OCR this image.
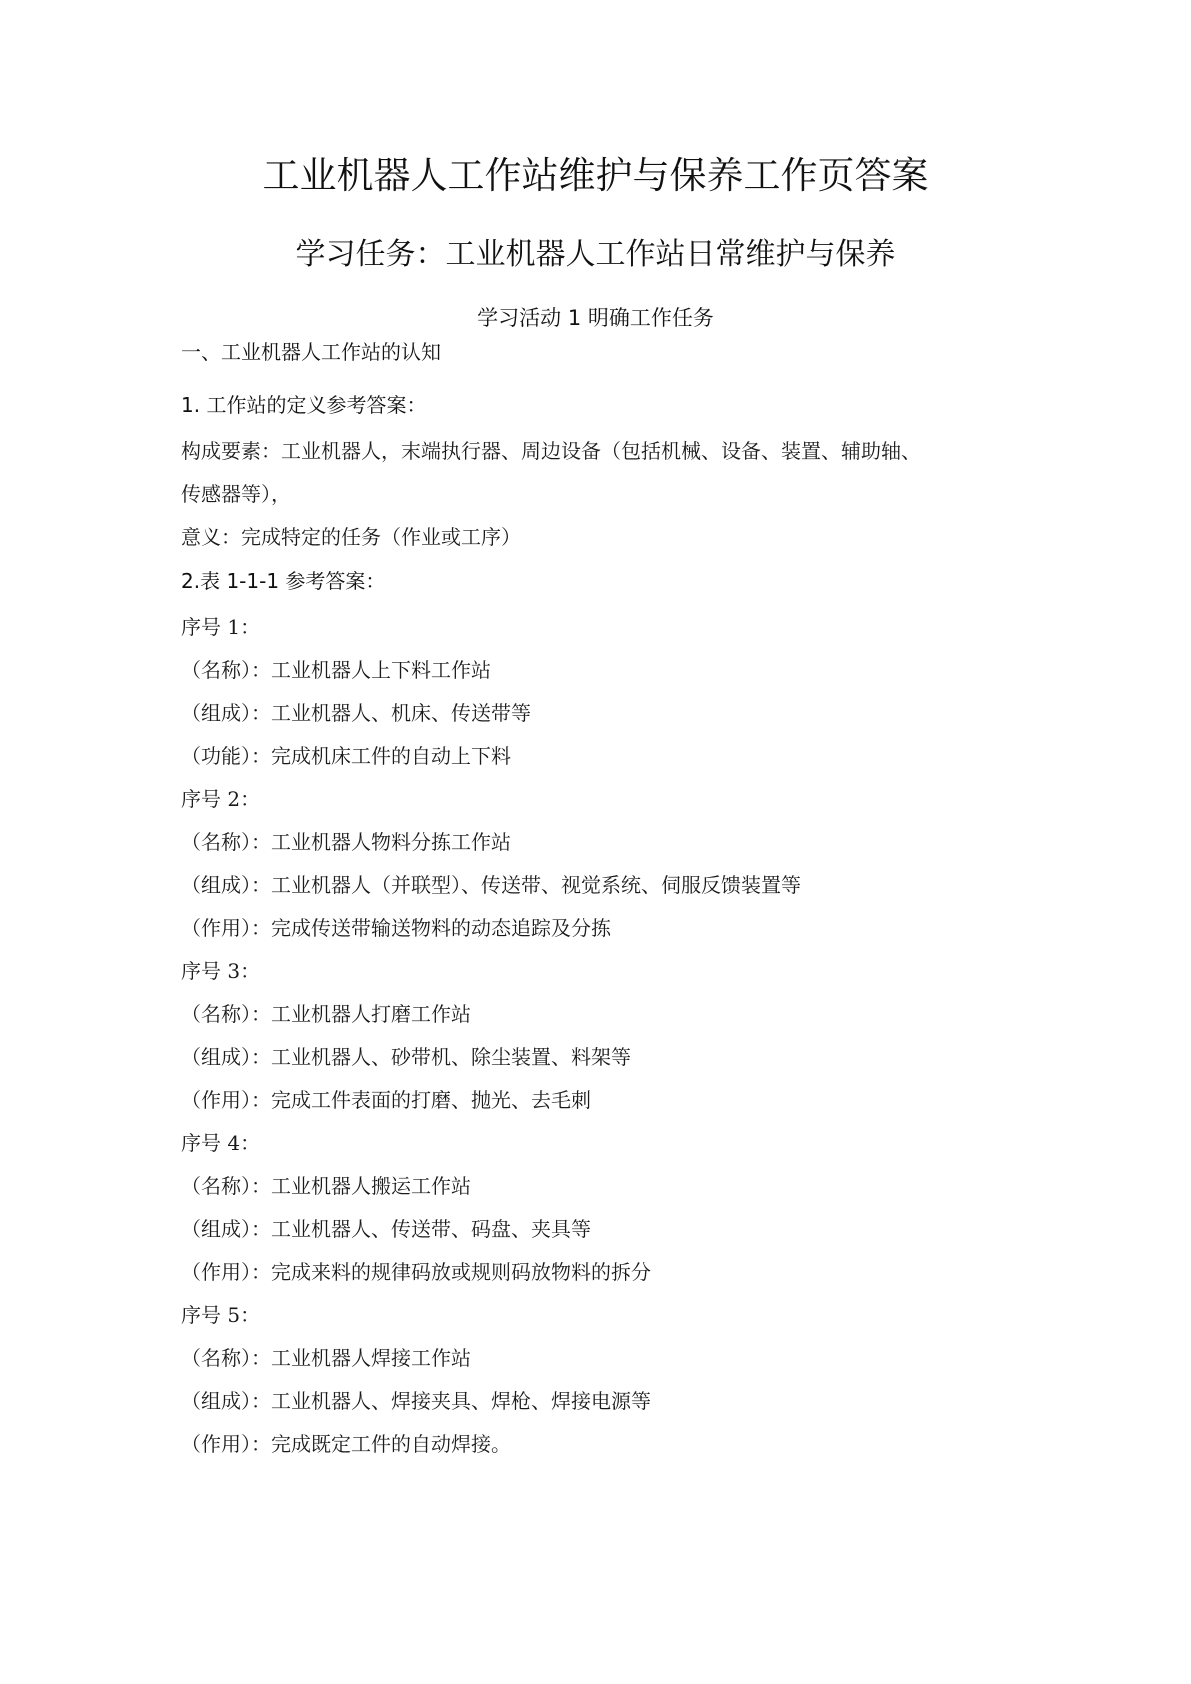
工业机器人工作站维护与保养工作页答案
学习任务：工业机器人工作站日常维护与保养
学习活动 1 明确工作任务
一、工业机器人工作站的认知
1. 工作站的定义参考答案：
构成要素：工业机器人，末端执行器、周边设备（包括机械、设备、装置、辅助轴、
传感器等），
意义：完成特定的任务（作业或工序）
2.表 1-1-1 参考答案：
序号 1：
（名称）：工业机器人上下料工作站
（组成）：工业机器人、机床、传送带等
（功能）：完成机床工件的自动上下料
序号 2：
（名称）：工业机器人物料分拣工作站
（组成）：工业机器人（并联型）、传送带、视觉系统、伺服反馈装置等
（作用）：完成传送带输送物料的动态追踪及分拣
序号 3：
（名称）：工业机器人打磨工作站
（组成）：工业机器人、砂带机、除尘装置、料架等
（作用）：完成工件表面的打磨、抛光、去毛刺
序号 4：
（名称）：工业机器人搬运工作站
（组成）：工业机器人、传送带、码盘、夹具等
（作用）：完成来料的规律码放或规则码放物料的拆分
序号 5：
（名称）：工业机器人焊接工作站
（组成）：工业机器人、焊接夹具、焊枪、焊接电源等
（作用）：完成既定工件的自动焊接。
